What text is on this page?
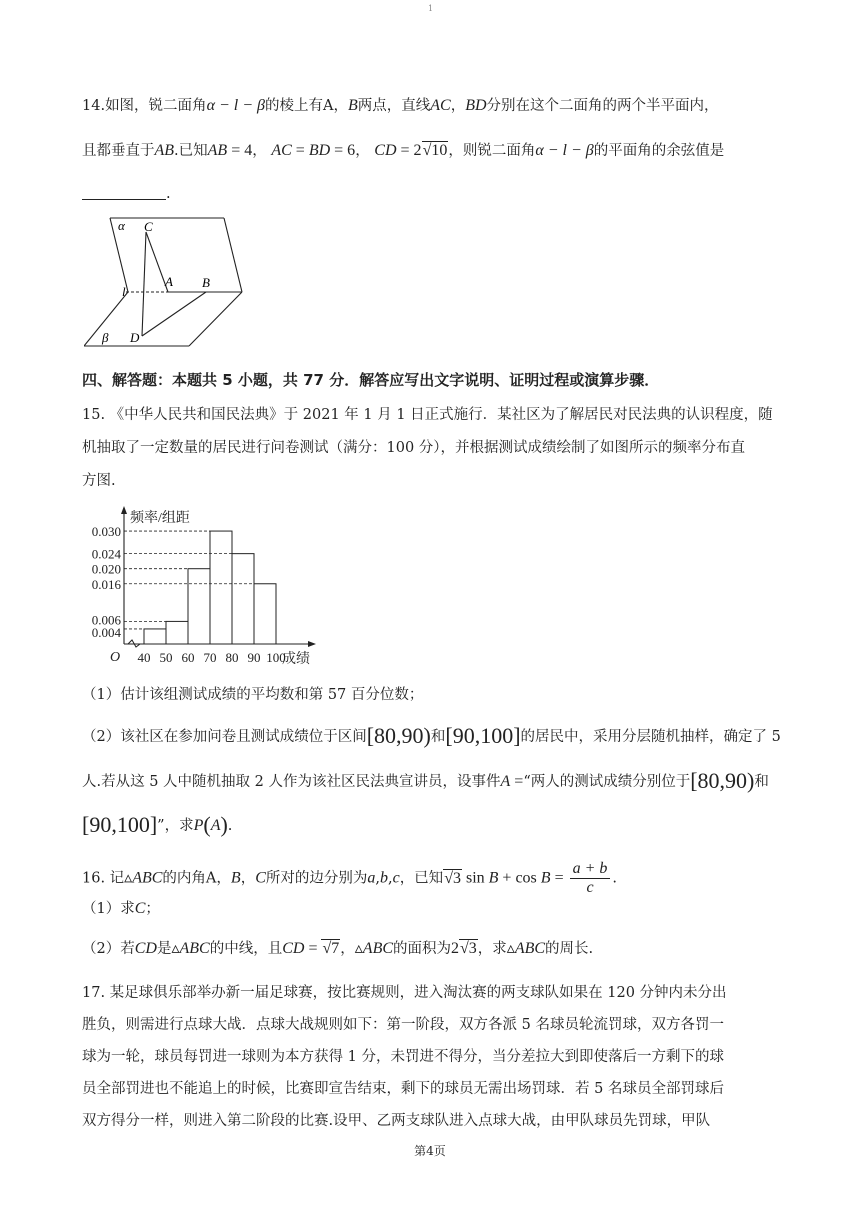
1
14.如图，锐二面角α − l − β的棱上有A，B两点，直线AC，BD分别在这个二面角的两个半平面内，
且都垂直于AB.已知AB = 4， AC = BD = 6， CD = 2√10，则锐二面角α − l − β的平面角的余弦值是
.
α C
A B
l
β D
四、解答题：本题共 5 小题，共 77 分．解答应写出文字说明、证明过程或演算步骤．
15. 《中华人民共和国民法典》于 2021 年 1 月 1 日正式施行．某社区为了解居民对民法典的认识程度，随
机抽取了一定数量的居民进行问卷测试（满分：100 分），并根据测试成绩绘制了如图所示的频率分布直
方图.
0.004
0.006
0.016
0.020
0.024
0.030
40 50 60 70 80 90 100
O
频率/组距
成绩
（1）估计该组测试成绩的平均数和第 57 百分位数；
（2）该社区在参加问卷且测试成绩位于区间[80,90)和[90,100]的居民中，采用分层随机抽样，确定了 5
人.若从这 5 人中随机抽取 2 人作为该社区民法典宣讲员，设事件A =“两人的测试成绩分别位于[80,90)和
[90,100]”，求P(A).
16. 记▵ABC的内角A，B，C所对的边分别为a,b,c，已知√3 $\sin B + \cos B = \frac{a + b}{c}$ .
（1）求C；
（2）若CD是▵ABC的中线，且CD = √7，▵ABC的面积为2√3，求▵ABC的周长.
17. 某足球俱乐部举办新一届足球赛，按比赛规则，进入淘汰赛的两支球队如果在 120 分钟内未分出
胜负，则需进行点球大战．点球大战规则如下：第一阶段，双方各派 5 名球员轮流罚球，双方各罚一
球为一轮，球员每罚进一球则为本方获得 1 分，未罚进不得分，当分差拉大到即使落后一方剩下的球
员全部罚进也不能追上的时候，比赛即宣告结束，剩下的球员无需出场罚球．若 5 名球员全部罚球后
双方得分一样，则进入第二阶段的比赛.设甲、乙两支球队进入点球大战，由甲队球员先罚球，甲队
第4页
